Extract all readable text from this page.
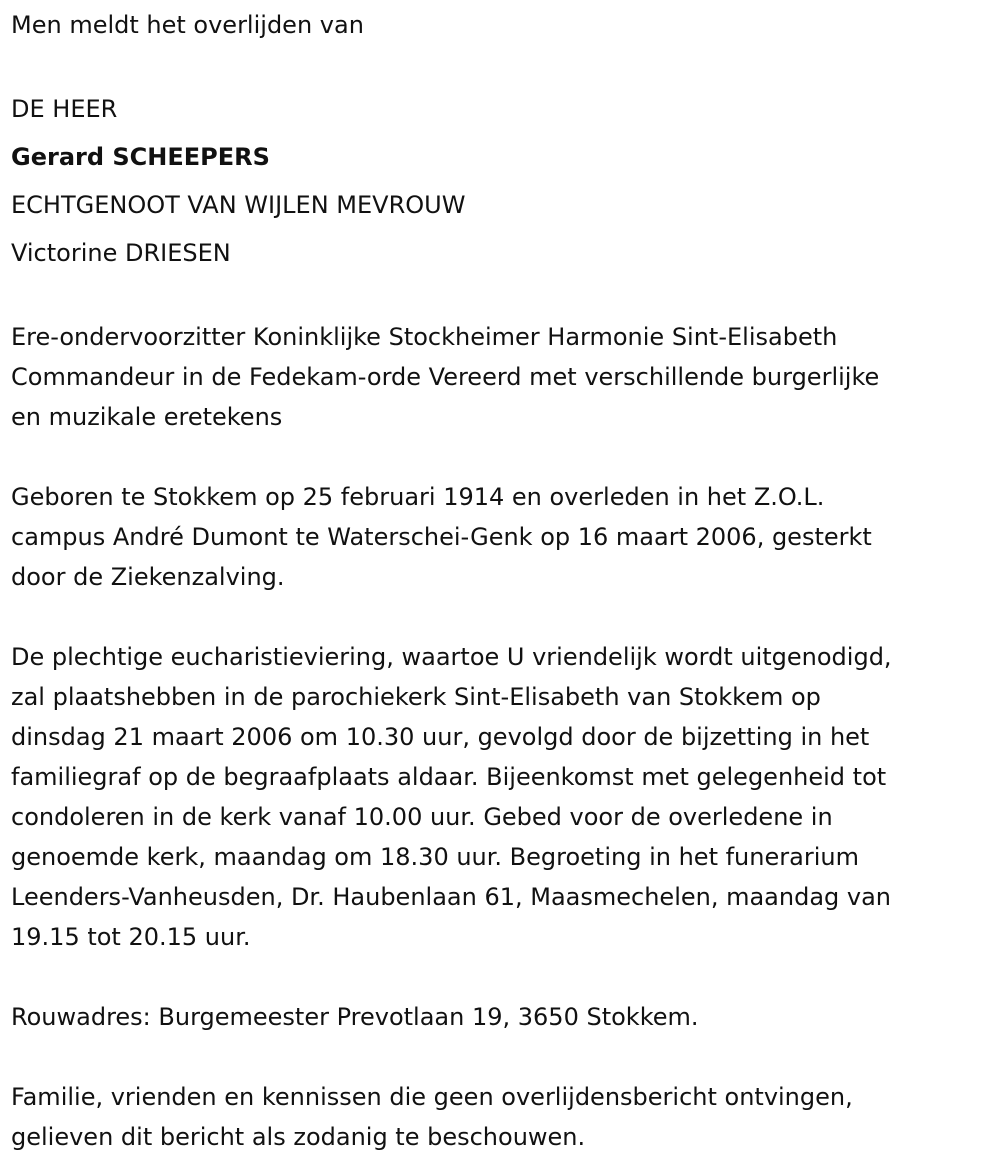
Men meldt het overlijden van
DE HEER
Gerard SCHEEPERS
ECHTGENOOT VAN WIJLEN MEVROUW
Victorine DRIESEN
Ere-ondervoorzitter Koninklijke Stockheimer Harmonie Sint-Elisabeth
Commandeur in de Fedekam-orde Vereerd met verschillende burgerlijke
en muzikale eretekens
Geboren te Stokkem op 25 februari 1914 en overleden in het Z.O.L.
campus André Dumont te Waterschei-Genk op 16 maart 2006, gesterkt
door de Ziekenzalving.
De plechtige eucharistieviering, waartoe U vriendelijk wordt uitgenodigd,
zal plaatshebben in de parochiekerk Sint-Elisabeth van Stokkem op
dinsdag 21 maart 2006 om 10.30 uur, gevolgd door de bijzetting in het
familiegraf op de begraafplaats aldaar. Bijeenkomst met gelegenheid tot
condoleren in de kerk vanaf 10.00 uur. Gebed voor de overledene in
genoemde kerk, maandag om 18.30 uur. Begroeting in het funerarium
Leenders-Vanheusden, Dr. Haubenlaan 61, Maasmechelen, maandag van
19.15 tot 20.15 uur.
Rouwadres: Burgemeester Prevotlaan 19, 3650 Stokkem.
Familie, vrienden en kennissen die geen overlijdensbericht ontvingen,
gelieven dit bericht als zodanig te beschouwen.
